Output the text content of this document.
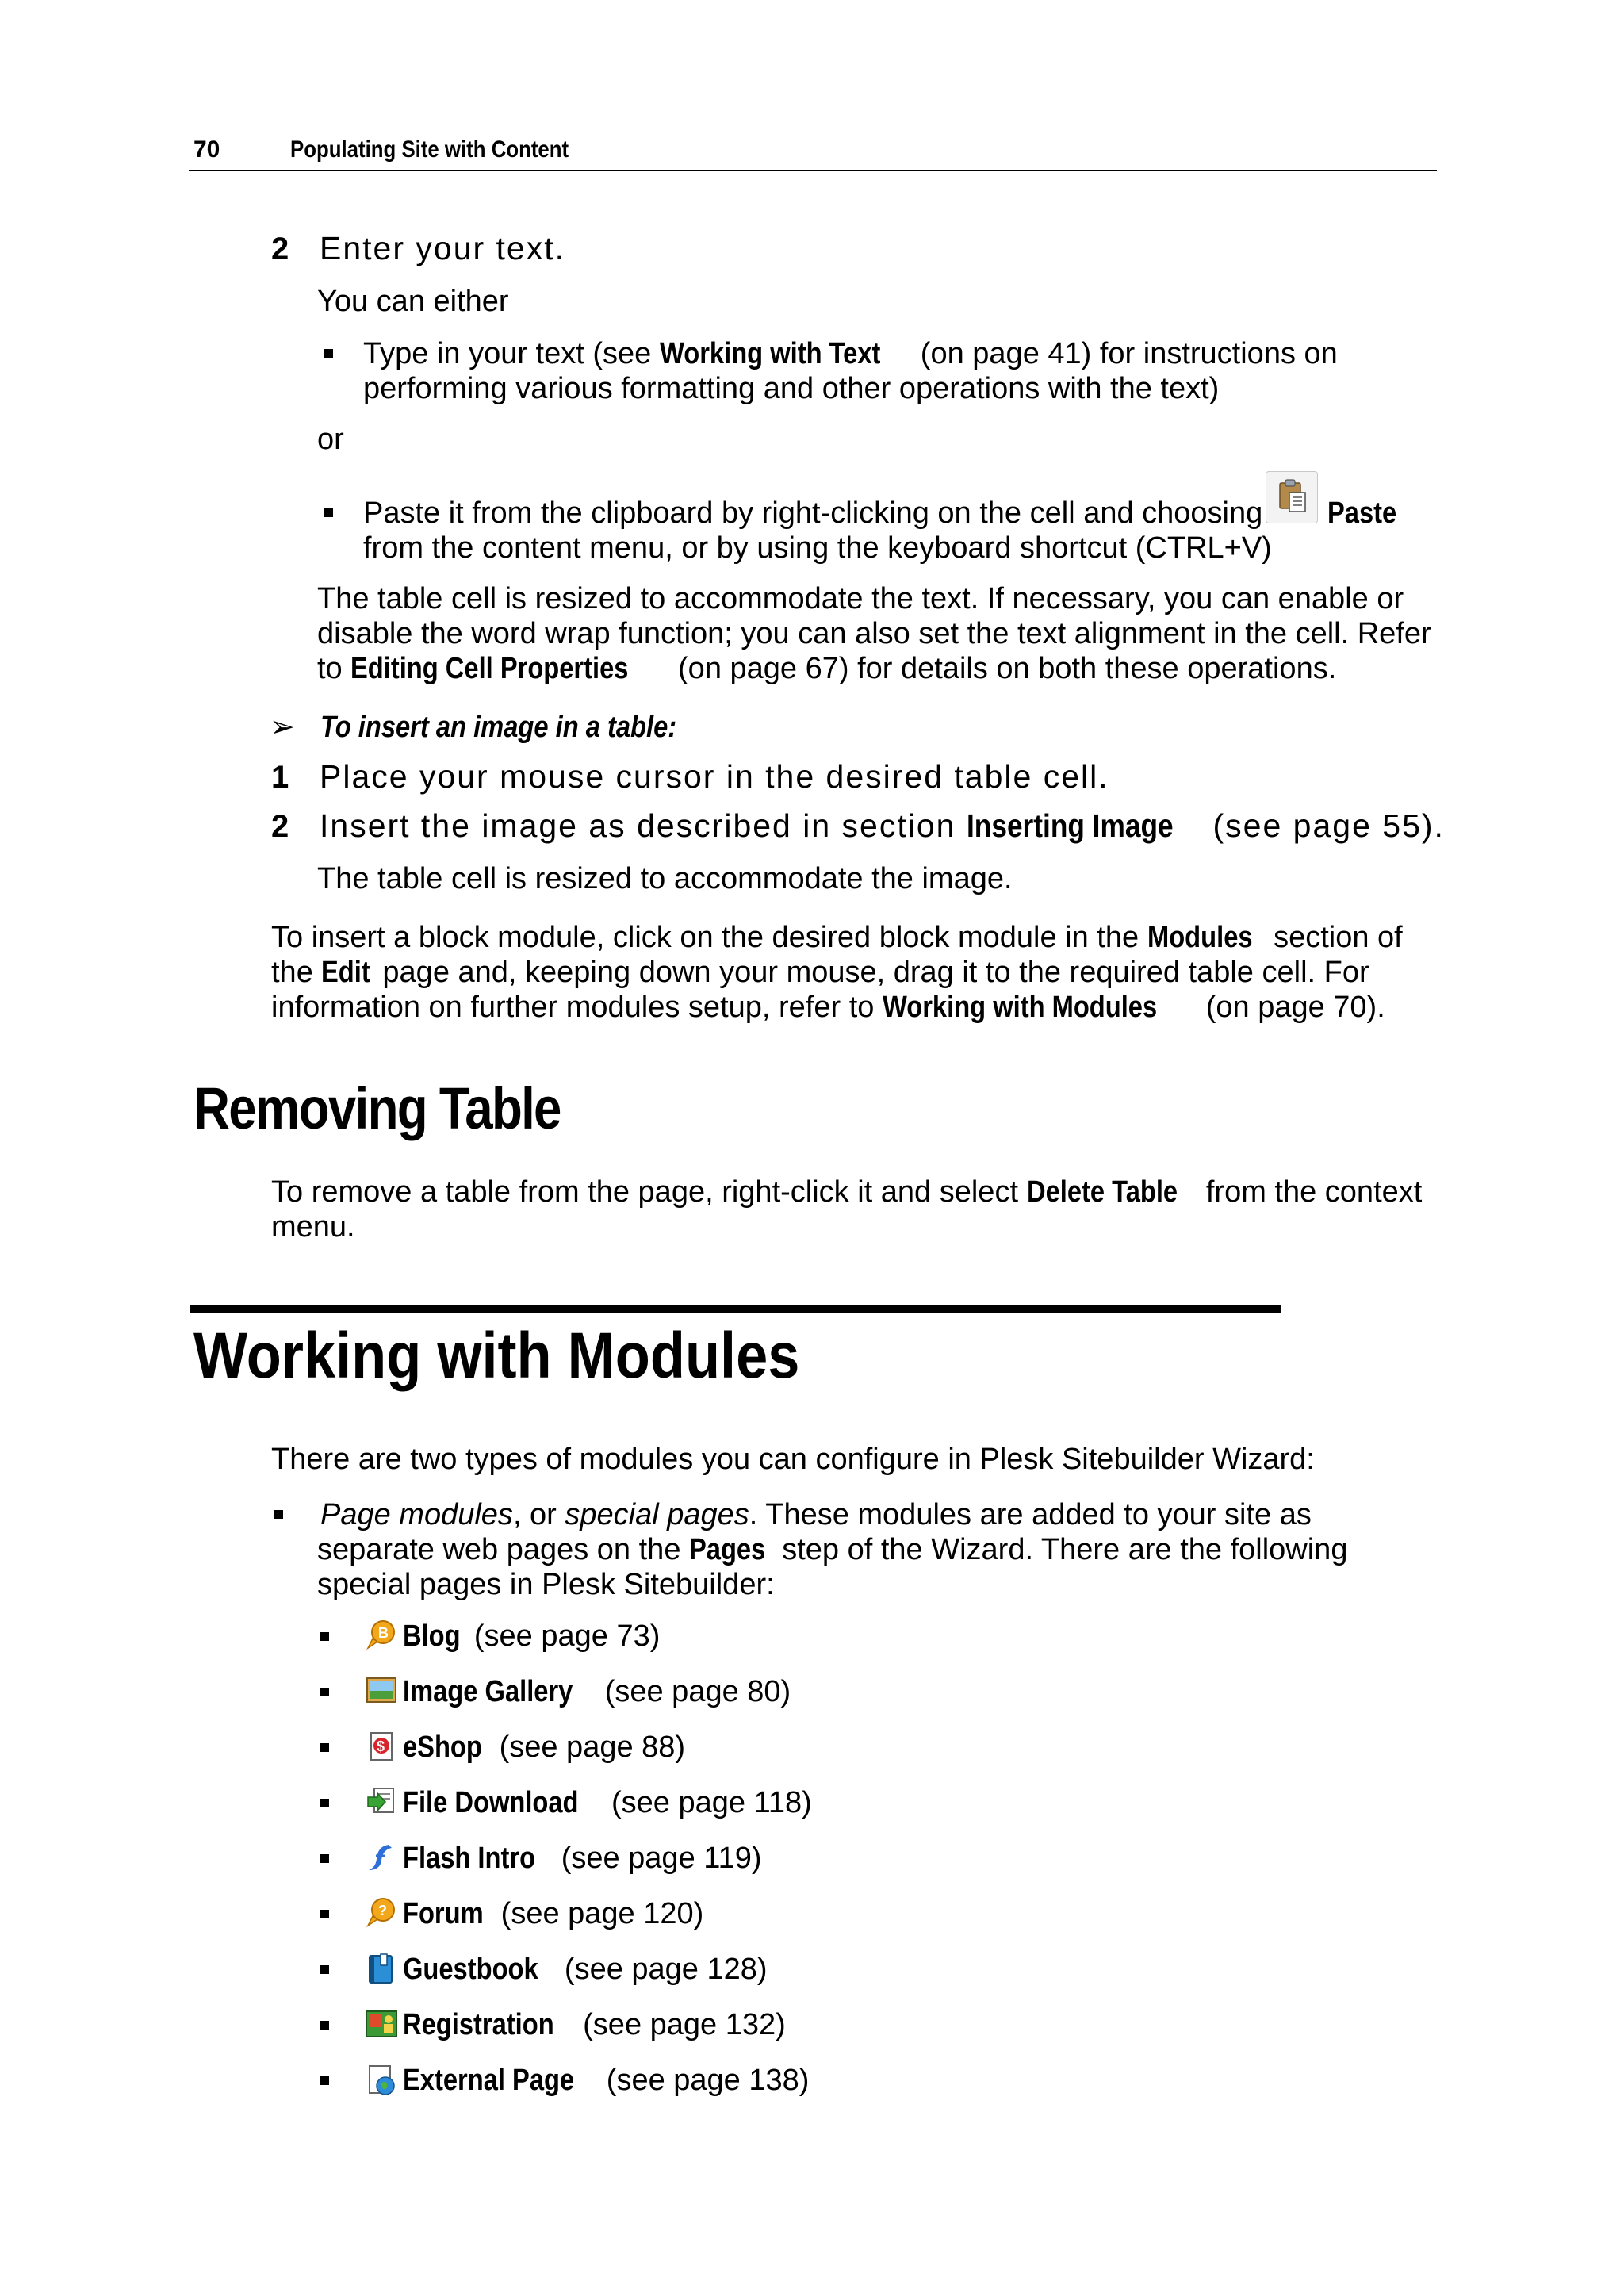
70	Populating Site with Content
2 Enter your text.
You can either
Type in your text (see Working with Text (on page 41) for instructions on
performing various formatting and other operations with the text)
or
Paste it from the clipboard by right-clicking on the cell and choosing Paste
from the content menu, or by using the keyboard shortcut (CTRL+V)
The table cell is resized to accommodate the text. If necessary, you can enable or
disable the word wrap function; you can also set the text alignment in the cell. Refer
to Editing Cell Properties (on page 67) for details on both these operations.
➢ To insert an image in a table:
1 Place your mouse cursor in the desired table cell.
2 Insert the image as described in section Inserting Image (see page 55).
The table cell is resized to accommodate the image.
To insert a block module, click on the desired block module in the Modules section of
the Edit page and, keeping down your mouse, drag it to the required table cell. For
information on further modules setup, refer to Working with Modules (on page 70).
Removing Table
To remove a table from the page, right-click it and select Delete Table from the context
menu.
Working with Modules
There are two types of modules you can configure in Plesk Sitebuilder Wizard:
Page modules, or special pages. These modules are added to your site as
separate web pages on the Pages step of the Wizard. There are the following
special pages in Plesk Sitebuilder:
B Blog (see page 73)
Image Gallery (see page 80)
$ eShop (see page 88)
File Download (see page 118)
Flash Intro (see page 119)
? Forum (see page 120)
Guestbook (see page 128)
Registration (see page 132)
External Page (see page 138)
